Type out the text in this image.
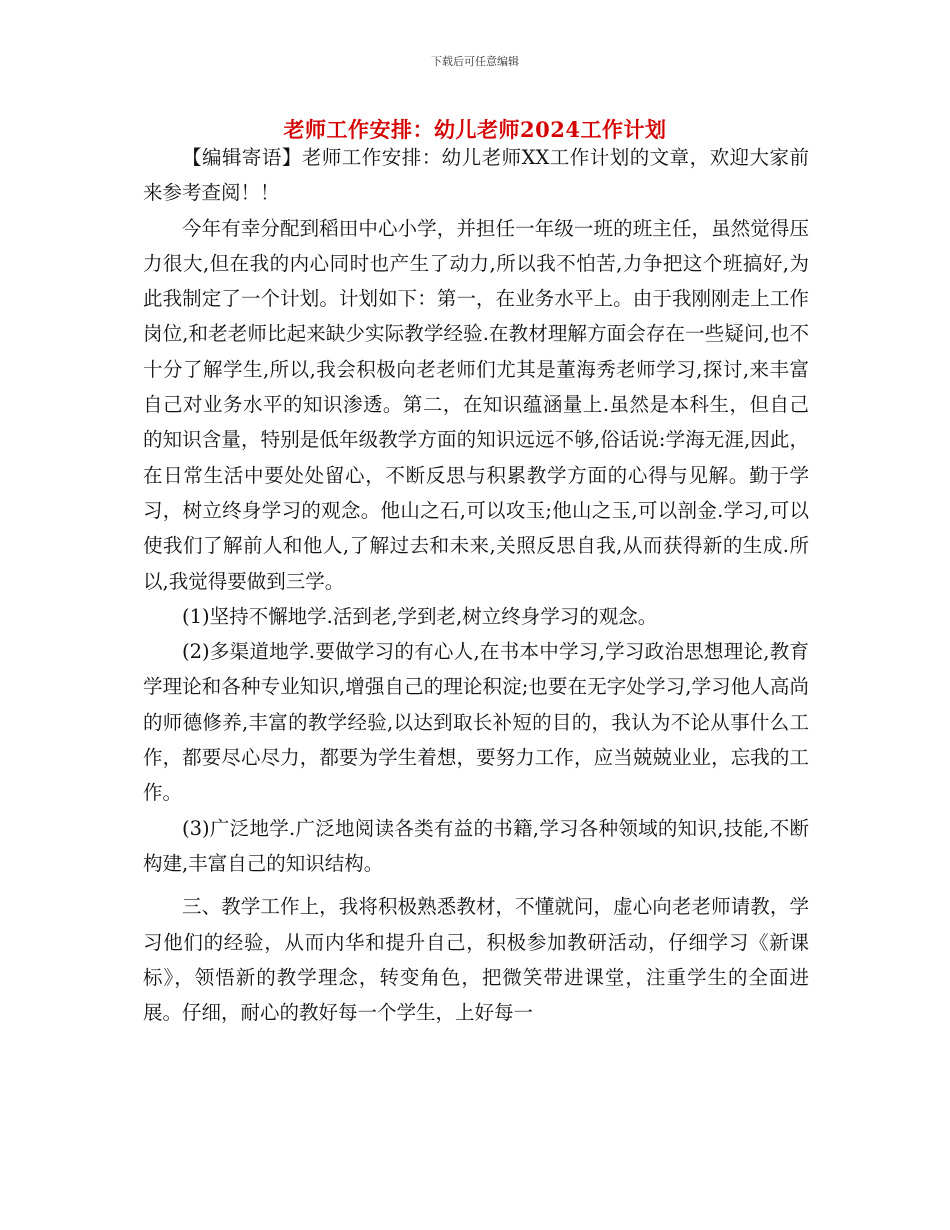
下载后可任意编辑
老师工作安排：幼儿老师2024工作计划

【编辑寄语】老师工作安排：幼儿老师XX工作计划的文章，欢迎大家前来参考查阅！！

今年有幸分配到稻田中心小学，并担任一年级一班的班主任，虽然觉得压力很大,但在我的内心同时也产生了动力,所以我不怕苦,力争把这个班搞好,为此我制定了一个计划。计划如下：第一，在业务水平上。由于我刚刚走上工作岗位,和老老师比起来缺少实际教学经验.在教材理解方面会存在一些疑问,也不十分了解学生,所以,我会积极向老老师们尤其是董海秀老师学习,探讨,来丰富自己对业务水平的知识渗透。第二，在知识蕴涵量上.虽然是本科生，但自己的知识含量，特别是低年级教学方面的知识远远不够,俗话说:学海无涯,因此，在日常生活中要处处留心，不断反思与积累教学方面的心得与见解。勤于学习，树立终身学习的观念。他山之石,可以攻玉;他山之玉,可以剖金.学习,可以使我们了解前人和他人,了解过去和未来,关照反思自我,从而获得新的生成.所以,我觉得要做到三学。

(1)坚持不懈地学.活到老,学到老,树立终身学习的观念。

(2)多渠道地学.要做学习的有心人,在书本中学习,学习政治思想理论,教育学理论和各种专业知识,增强自己的理论积淀;也要在无字处学习,学习他人高尚的师德修养,丰富的教学经验,以达到取长补短的目的，我认为不论从事什么工作，都要尽心尽力，都要为学生着想，要努力工作，应当兢兢业业，忘我的工作。

(3)广泛地学.广泛地阅读各类有益的书籍,学习各种领域的知识,技能,不断构建,丰富自己的知识结构。

三、教学工作上，我将积极熟悉教材，不懂就问，虚心向老老师请教，学习他们的经验，从而内华和提升自己，积极参加教研活动，仔细学习《新课标》，领悟新的教学理念，转变角色，把微笑带进课堂，注重学生的全面进展。仔细，耐心的教好每一个学生，上好每一
